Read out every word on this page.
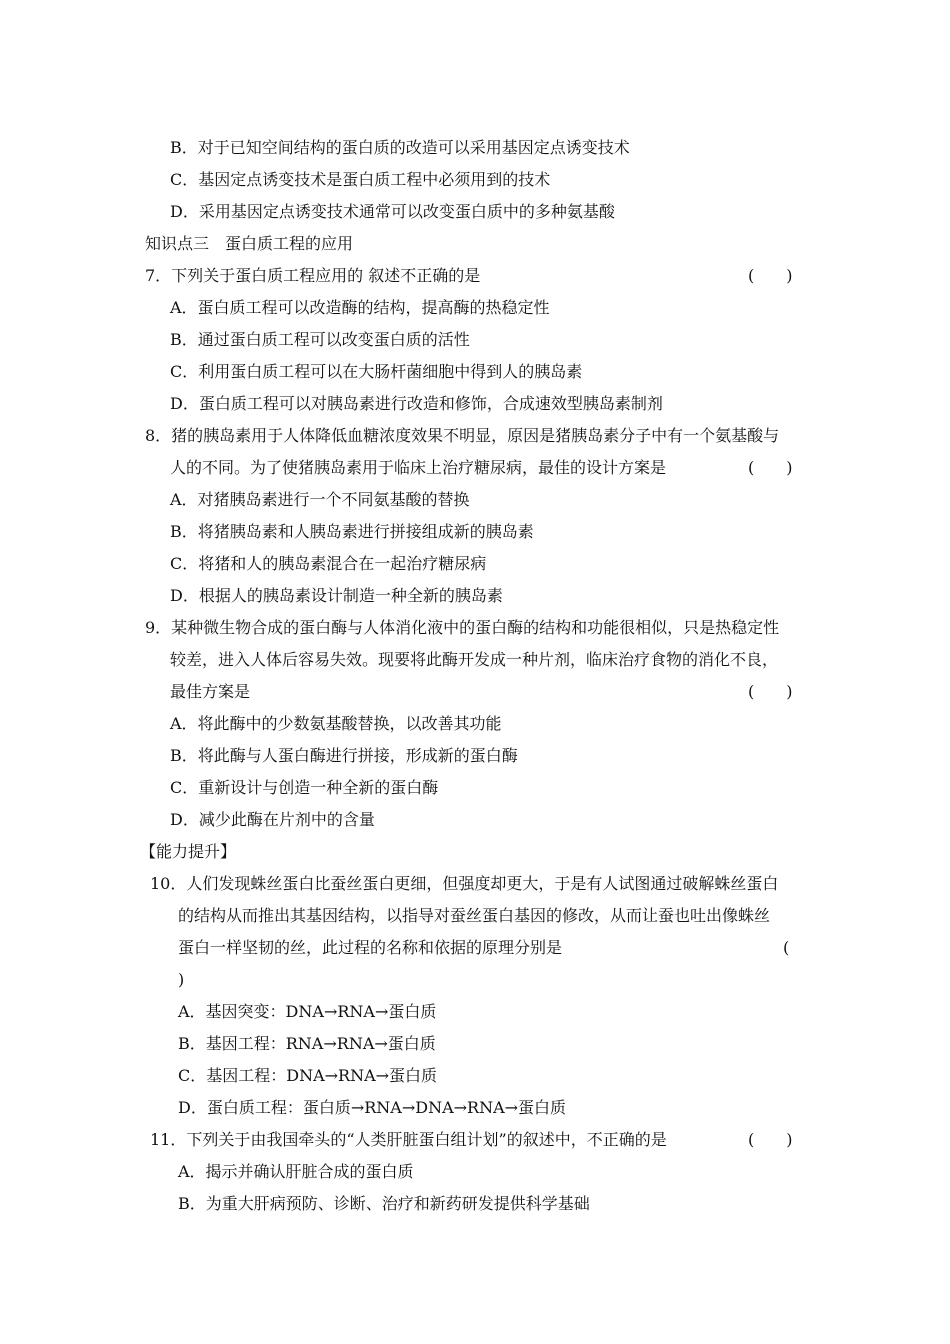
B．对于已知空间结构的蛋白质的改造可以采用基因定点诱变技术
C．基因定点诱变技术是蛋白质工程中必须用到的技术
D．采用基因定点诱变技术通常可以改变蛋白质中的多种氨基酸
知识点三　蛋白质工程的应用
7．下列关于蛋白质工程应用的 叙述不正确的是	(　　)
A．蛋白质工程可以改造酶的结构，提高酶的热稳定性
B．通过蛋白质工程可以改变蛋白质的活性
C．利用蛋白质工程可以在大肠杆菌细胞中得到人的胰岛素
D．蛋白质工程可以对胰岛素进行改造和修饰，合成速效型胰岛素制剂
8．猪的胰岛素用于人体降低血糖浓度效果不明显，原因是猪胰岛素分子中有一个氨基酸与
人的不同。为了使猪胰岛素用于临床上治疗糖尿病，最佳的设计方案是	(　　)
A．对猪胰岛素进行一个不同氨基酸的替换
B．将猪胰岛素和人胰岛素进行拼接组成新的胰岛素
C．将猪和人的胰岛素混合在一起治疗糖尿病
D．根据人的胰岛素设计制造一种全新的胰岛素
9．某种微生物合成的蛋白酶与人体消化液中的蛋白酶的结构和功能很相似，只是热稳定性
较差，进入人体后容易失效。现要将此酶开发成一种片剂，临床治疗食物的消化不良，
最佳方案是	(　　)
A．将此酶中的少数氨基酸替换，以改善其功能
B．将此酶与人蛋白酶进行拼接，形成新的蛋白酶
C．重新设计与创造一种全新的蛋白酶
D．减少此酶在片剂中的含量
【能力提升】
10．人们发现蛛丝蛋白比蚕丝蛋白更细，但强度却更大，于是有人试图通过破解蛛丝蛋白
的结构从而推出其基因结构，以指导对蚕丝蛋白基因的修改，从而让蚕也吐出像蛛丝
蛋白一样坚韧的丝，此过程的名称和依据的原理分别是	(
)
A．基因突变：DNA→RNA→蛋白质
B．基因工程：RNA→RNA→蛋白质
C．基因工程：DNA→RNA→蛋白质
D．蛋白质工程：蛋白质→RNA→DNA→RNA→蛋白质
11．下列关于由我国牵头的“人类肝脏蛋白组计划”的叙述中，不正确的是	(　　)
A．揭示并确认肝脏合成的蛋白质
B．为重大肝病预防、诊断、治疗和新药研发提供科学基础
